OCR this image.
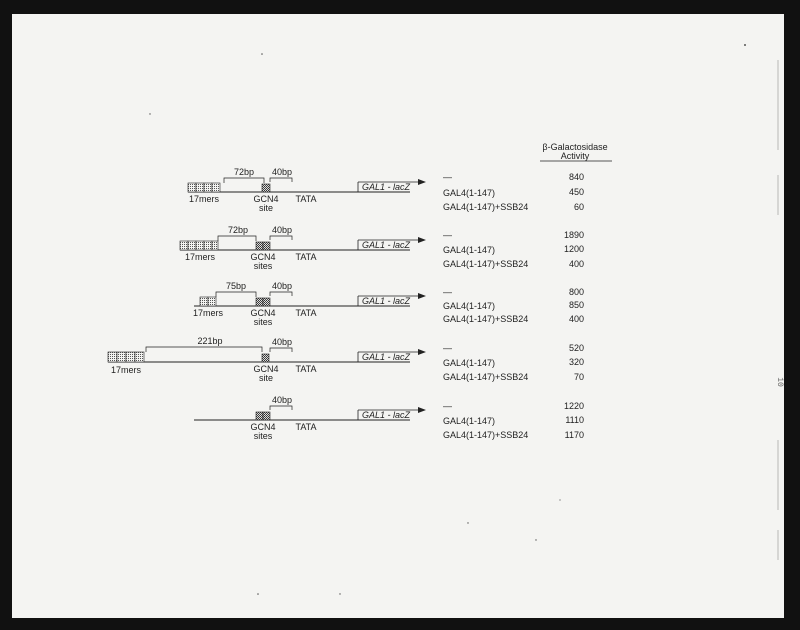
β-Galactosidase
Activity
17mers
72bp 40bp
GCN4
site
TATA
GAL1 - lacZ
—	840
GAL4(1-147)	450
GAL4(1-147)+SSB24	60
17mers
72bp	40bp
GCN4
sites
TATA
GAL1 - lacZ
—	1890
GAL4(1-147)	1200
GAL4(1-147)+SSB24	400
17mers
75bp	40bp
GCN4
sites
TATA
GAL1 - lacZ
—	800
GAL4(1-147)	850
GAL4(1-147)+SSB24	400
17mers
221bp	40bp
GCN4
site
TATA
GAL1 - lacZ
—	520
GAL4(1-147)	320
GAL4(1-147)+SSB24	70
40bp
GCN4
sites
TATA
GAL1 - lacZ
—	1220
GAL4(1-147)	1110
GAL4(1-147)+SSB24	1170
10
